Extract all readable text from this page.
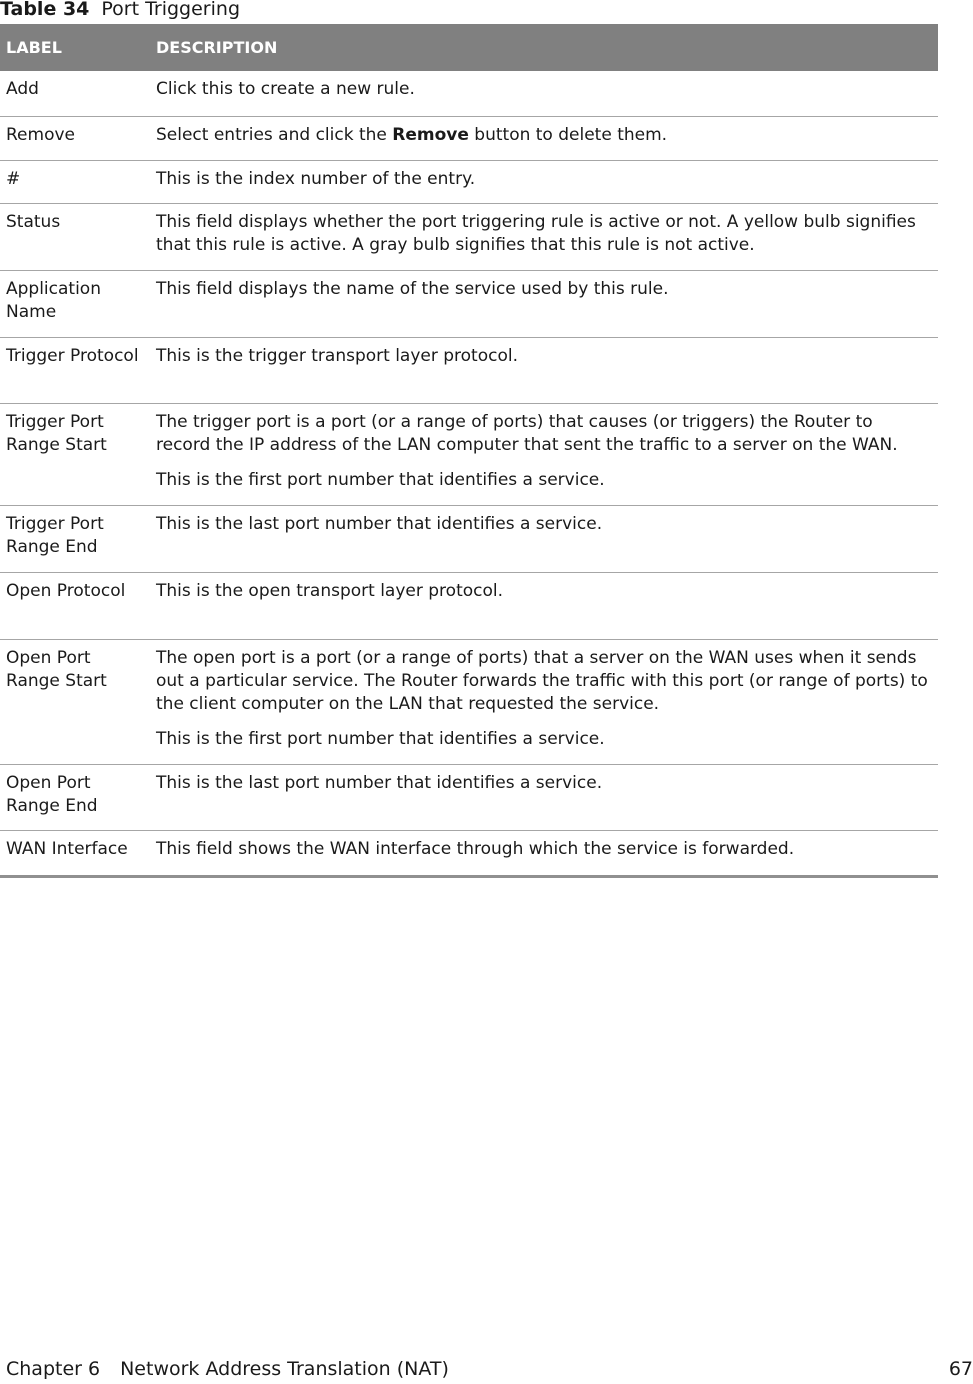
Table 34 Port Triggering
LABEL	DESCRIPTION
Add	Click this to create a new rule.

Remove	Select entries and click the Remove button to delete them.

#	This is the index number of the entry.

Status	This field displays whether the port triggering rule is active or not. A yellow bulb signifies that this rule is active. A gray bulb signifies that this rule is not active.

Application Name	This field displays the name of the service used by this rule.

Trigger Protocol	This is the trigger transport layer protocol.

Trigger Port Range Start	The trigger port is a port (or a range of ports) that causes (or triggers) the Router to record the IP address of the LAN computer that sent the traffic to a server on the WAN.

This is the first port number that identifies a service.

Trigger Port Range End	This is the last port number that identifies a service.

Open Protocol	This is the open transport layer protocol.

Open Port Range Start	The open port is a port (or a range of ports) that a server on the WAN uses when it sends out a particular service. The Router forwards the traffic with this port (or range of ports) to the client computer on the LAN that requested the service.

This is the first port number that identifies a service.

Open Port Range End	This is the last port number that identifies a service.

WAN Interface	This field shows the WAN interface through which the service is forwarded.

Chapter 6 Network Address Translation (NAT)	67
